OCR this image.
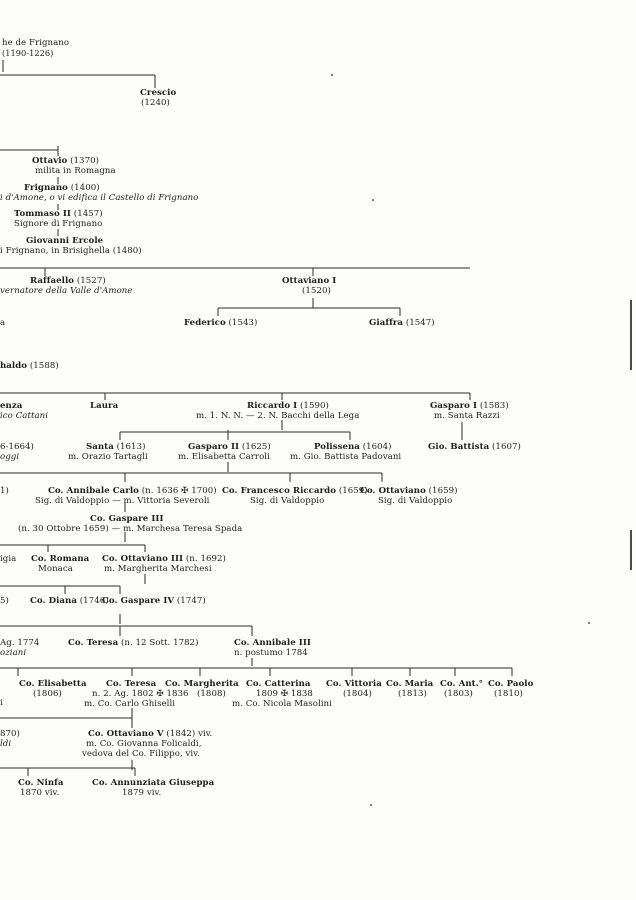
he de Frignano
(1190-1226)
Crescio
(1240)
Ottavio (1370)
milita in Romagna
Frignano (1400)
i d'Amone, o vi edifica il Castello di Frignano
Tommaso II (1457)
Signore di Frignano
Giovanni Ercole
i Frignano, in Brisighella (1480)
Raffaello (1527)
vernatore della Valle d'Amone
Ottaviano I
(1520)
Federico (1543)	Giaffra (1547)
a
haldo (1588)
enza
ico Cattani
Laura	Riccardo I (1590)
m. 1. N. N. — 2. N. Bacchi della Lega
Gasparo I (1583)
m. Santa Razzi
6-1664)
oggi
Santa (1613)
m. Orazio Tartagli
Gasparo II (1625)
m. Elisabetta Carroli
Polissena (1604)
m. Gio. Battista Padovani
Gio. Battista (1607)
1)	Co. Annibale Carlo (n. 1636 ✠ 1700)
Sig. di Valdoppio — m. Vittoria Severoli
Co. Francesco Riccardo (1659)
Sig. di Valdoppio
Co. Ottaviano (1659)
Sig. di Valdoppio
Co. Gaspare III
(n. 30 Ottobre 1659) — m. Marchesa Teresa Spada
igia Co. Romana
Monaca
Co. Ottaviano III (n. 1692)
m. Margherita Marchesi
5) Co. Diana (1746)
Co. Gaspare IV (1747)
Ag. 1774
oziani
Co. Teresa (n. 12 Sott. 1782)	Co. Annibale III
n. postumo 1784
Co. Elisabetta
(1806)
Co. Teresa
n. 2. Ag. 1802 ✠ 1836
m. Co. Carlo Ghiselli
Co. Margherita
(1808)
Co. Catterina
1809 ✠ 1838
m. Co. Nicola Masolini
Co. Vittoria
(1804)
Co. Maria
(1813)
Co. Ant.°
(1803)
Co. Paolo
(1810)
i
870)
ldi
Co. Ottaviano V (1842) viv.
m. Co. Giovanna Folicaldi,
vedova del Co. Filippo, viv.
Co. Ninfa
1870 viv.
Co. Annunziata Giuseppa
1879 viv.
